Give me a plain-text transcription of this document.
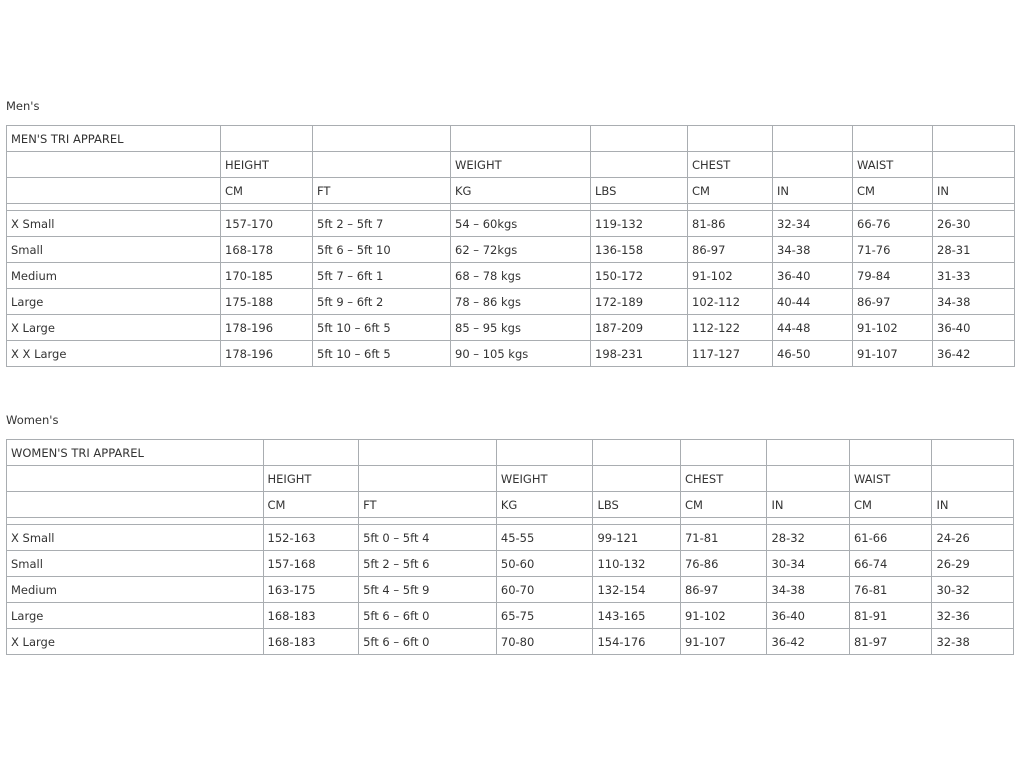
Men's
MEN'S TRI APPAREL								
	HEIGHT		WEIGHT		CHEST		WAIST	
	CM	FT	KG	LBS	CM	IN	CM	IN

X Small	157-170	5ft 2 – 5ft 7	54 – 60kgs	119-132	81-86	32-34	66-76	26-30
Small	168-178	5ft 6 – 5ft 10	62 – 72kgs	136-158	86-97	34-38	71-76	28-31
Medium	170-185	5ft 7 – 6ft 1	68 – 78 kgs	150-172	91-102	36-40	79-84	31-33
Large	175-188	5ft 9 – 6ft 2	78 – 86 kgs	172-189	102-112	40-44	86-97	34-38
X Large	178-196	5ft 10 – 6ft 5	85 – 95 kgs	187-209	112-122	44-48	91-102	36-40
X X Large	178-196	5ft 10 – 6ft 5	90 – 105 kgs	198-231	117-127	46-50	91-107	36-42
Women's
WOMEN'S TRI APPAREL								
	HEIGHT		WEIGHT		CHEST		WAIST	
	CM	FT	KG	LBS	CM	IN	CM	IN

X Small	152-163	5ft 0 – 5ft 4	45-55	99-121	71-81	28-32	61-66	24-26
Small	157-168	5ft 2 – 5ft 6	50-60	110-132	76-86	30-34	66-74	26-29
Medium	163-175	5ft 4 – 5ft 9	60-70	132-154	86-97	34-38	76-81	30-32
Large	168-183	5ft 6 – 6ft 0	65-75	143-165	91-102	36-40	81-91	32-36
X Large	168-183	5ft 6 – 6ft 0	70-80	154-176	91-107	36-42	81-97	32-38
